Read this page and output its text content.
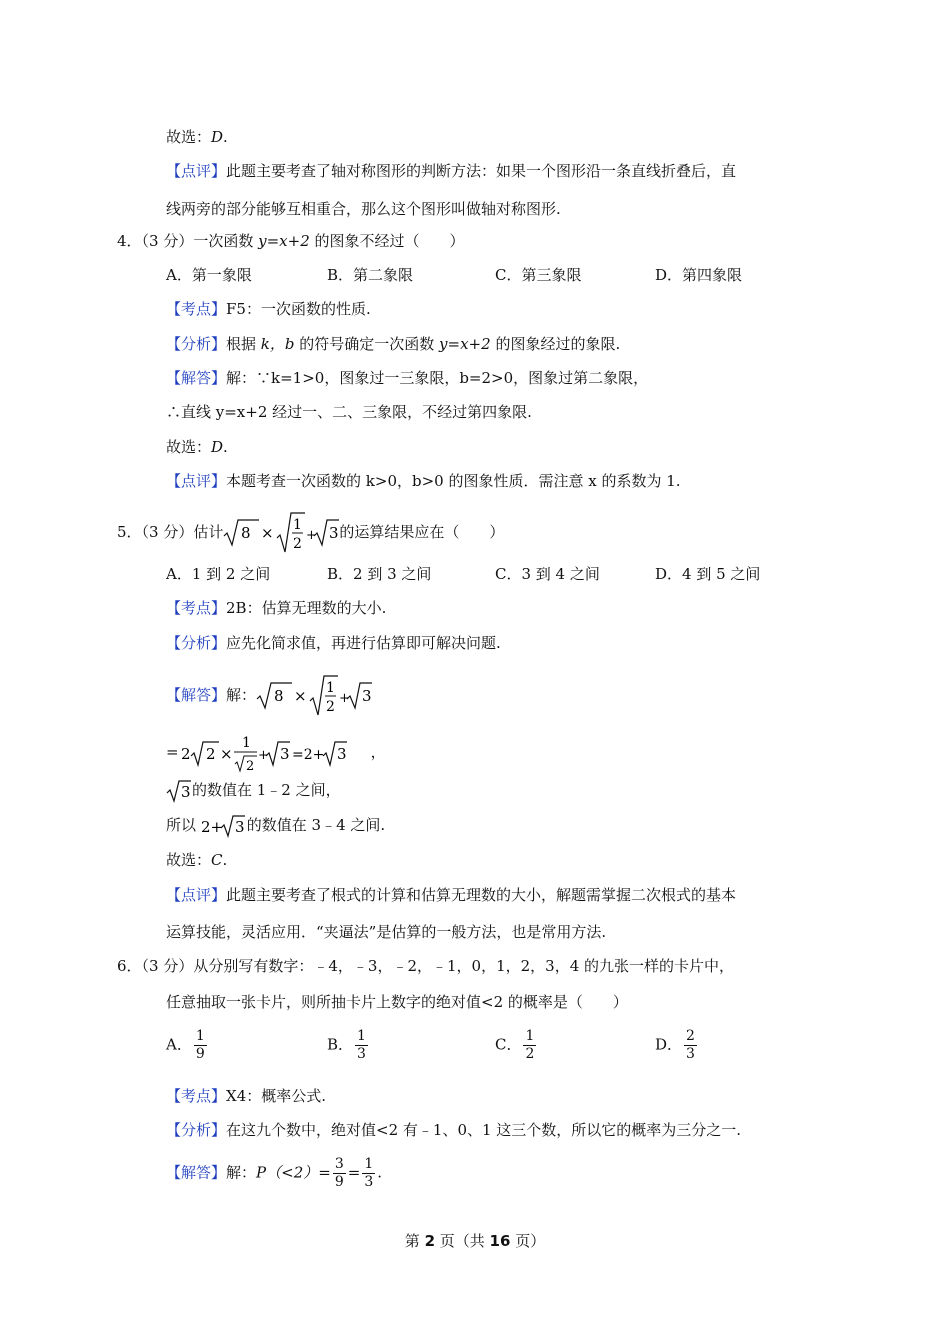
故选：D.
【点评】此题主要考查了轴对称图形的判断方法：如果一个图形沿一条直线折叠后，直
线两旁的部分能够互相重合，那么这个图形叫做轴对称图形.
4．（3 分）一次函数 y=x+2 的图象不经过（　　）
A．第一象限	B．第二象限	C．第三象限	D．第四象限
【考点】F5：一次函数的性质.
【分析】根据 k，b 的符号确定一次函数 y=x+2 的图象经过的象限.
【解答】解：∵k=1>0，图象过一三象限，b=2>0，图象过第二象限，
∴直线 y=x+2 经过一、二、三象限，不经过第四象限.
故选：D.
【点评】本题考查一次函数的 k>0，b>0 的图象性质．需注意 x 的系数为 1.
5．（3 分）估计 8 × 1
2
+ 3 的运算结果应在（　　）
A．1 到 2 之间	B．2 到 3 之间	C．3 到 4 之间	D．4 到 5 之间
【考点】2B：估算无理数的大小.
【分析】应先化简求值，再进行估算即可解决问题.
【解答】解： 8 × 1
2
+ 3
= 2 2 ×
1
2
+ 3 =2+ 3 ，
3 的数值在 1﹣2 之间，
所以 2+ 3 的数值在 3﹣4 之间.
故选：C.
【点评】此题主要考查了根式的计算和估算无理数的大小，解题需掌握二次根式的基本
运算技能，灵活应用．“夹逼法”是估算的一般方法，也是常用方法.
6．（3 分）从分别写有数字：﹣4，﹣3，﹣2，﹣1，0，1，2，3，4 的九张一样的卡片中，
任意抽取一张卡片，则所抽卡片上数字的绝对值<2 的概率是（　　）
A． $\frac{1}{9}$	B． $\frac{1}{3}$	C． $\frac{1}{2}$	D． $\frac{2}{3}$
【考点】X4：概率公式.
【分析】在这九个数中，绝对值<2 有﹣1、0、1 这三个数，所以它的概率为三分之一.
【解答】解：$P(<2)= \frac{3}{9} = \frac{1}{3}$ .
第 2 页（共 16 页）
